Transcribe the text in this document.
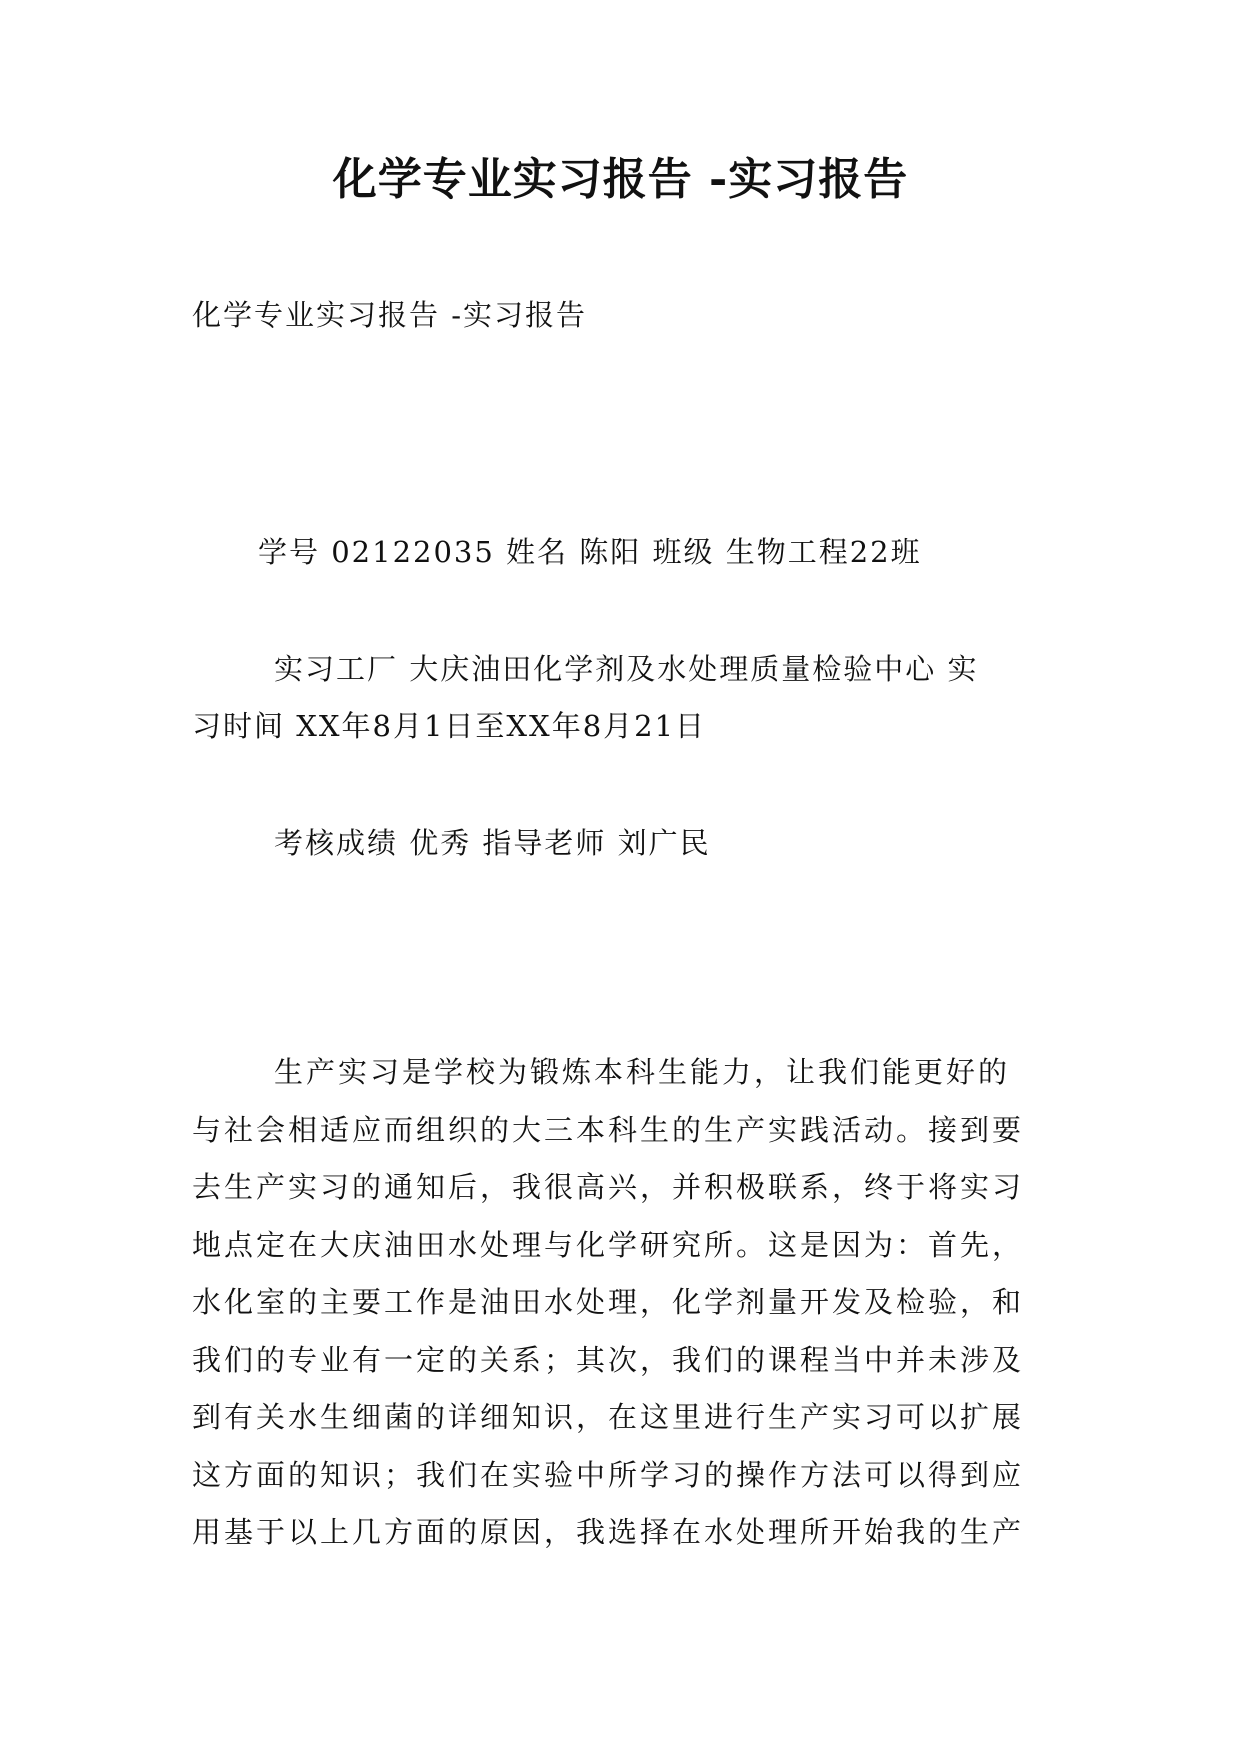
化学专业实习报告 -实习报告

化学专业实习报告 -实习报告

学号 02122035 姓名 陈阳 班级 生物工程22班

实习工厂 大庆油田化学剂及水处理质量检验中心 实

习时间 XX年8月1日至XX年8月21日

考核成绩 优秀 指导老师 刘广民

生产实习是学校为锻炼本科生能力，让我们能更好的
与社会相适应而组织的大三本科生的生产实践活动。接到要
去生产实习的通知后，我很高兴，并积极联系，终于将实习
地点定在大庆油田水处理与化学研究所。这是因为：首先，
水化室的主要工作是油田水处理，化学剂量开发及检验，和
我们的专业有一定的关系；其次，我们的课程当中并未涉及
到有关水生细菌的详细知识，在这里进行生产实习可以扩展
这方面的知识；我们在实验中所学习的操作方法可以得到应
用基于以上几方面的原因，我选择在水处理所开始我的生产
